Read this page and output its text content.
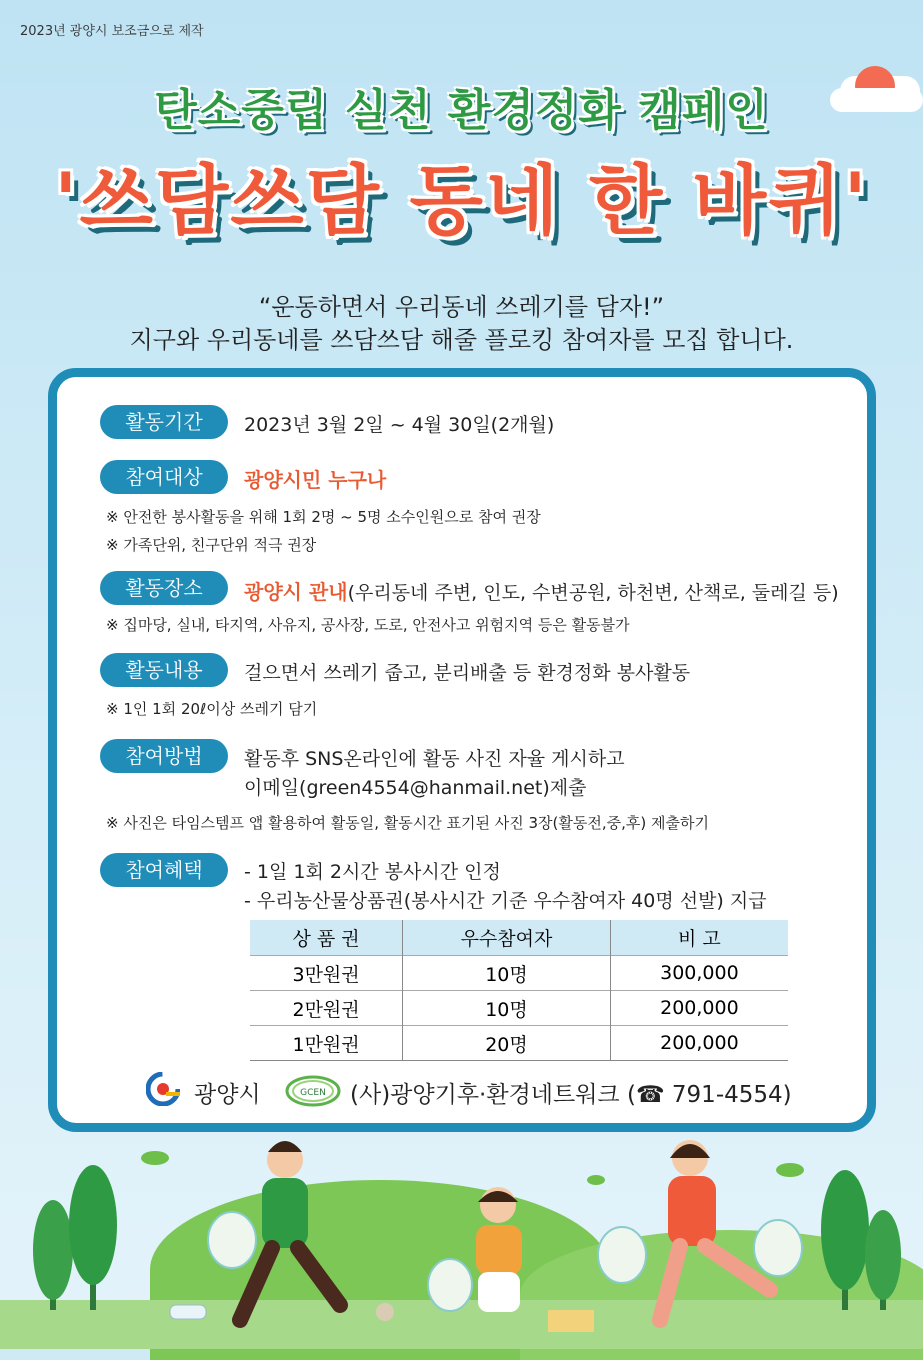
2023년 광양시 보조금으로 제작
탄소중립 실천 환경정화 캠페인
'쓰담쓰담 동네 한 바퀴'
“운동하면서 우리동네 쓰레기를 담자!”
지구와 우리동네를 쓰담쓰담 해줄 플로킹 참여자를 모집 합니다.
활동기간	2023년 3월 2일 ~ 4월 30일(2개월)
참여대상	광양시민 누구나
※ 안전한 봉사활동을 위해 1회 2명 ~ 5명 소수인원으로 참여 권장
※ 가족단위, 친구단위 적극 권장
활동장소	광양시 관내(우리동네 주변, 인도, 수변공원, 하천변, 산책로, 둘레길 등)
※ 집마당, 실내, 타지역, 사유지, 공사장, 도로, 안전사고 위험지역 등은 활동불가
활동내용	걸으면서 쓰레기 줍고, 분리배출 등 환경정화 봉사활동
※ 1인 1회 20ℓ이상 쓰레기 담기
참여방법	활동후 SNS온라인에 활동 사진 자율 게시하고
이메일(green4554@hanmail.net)제출
※ 사진은 타임스템프 앱 활용하여 활동일, 활동시간 표기된 사진 3장(활동전,중,후) 제출하기
참여혜택	- 1일 1회 2시간 봉사시간 인정
- 우리농산물상품권(봉사시간 기준 우수참여자 40명 선발) 지급
상 품 권	우수참여자	비 고
3만원권	10명	300,000
2만원권	10명	200,000
1만원권	20명	200,000
광양시	GCEN (사)광양기후·환경네트워크 (☎ 791-4554)
